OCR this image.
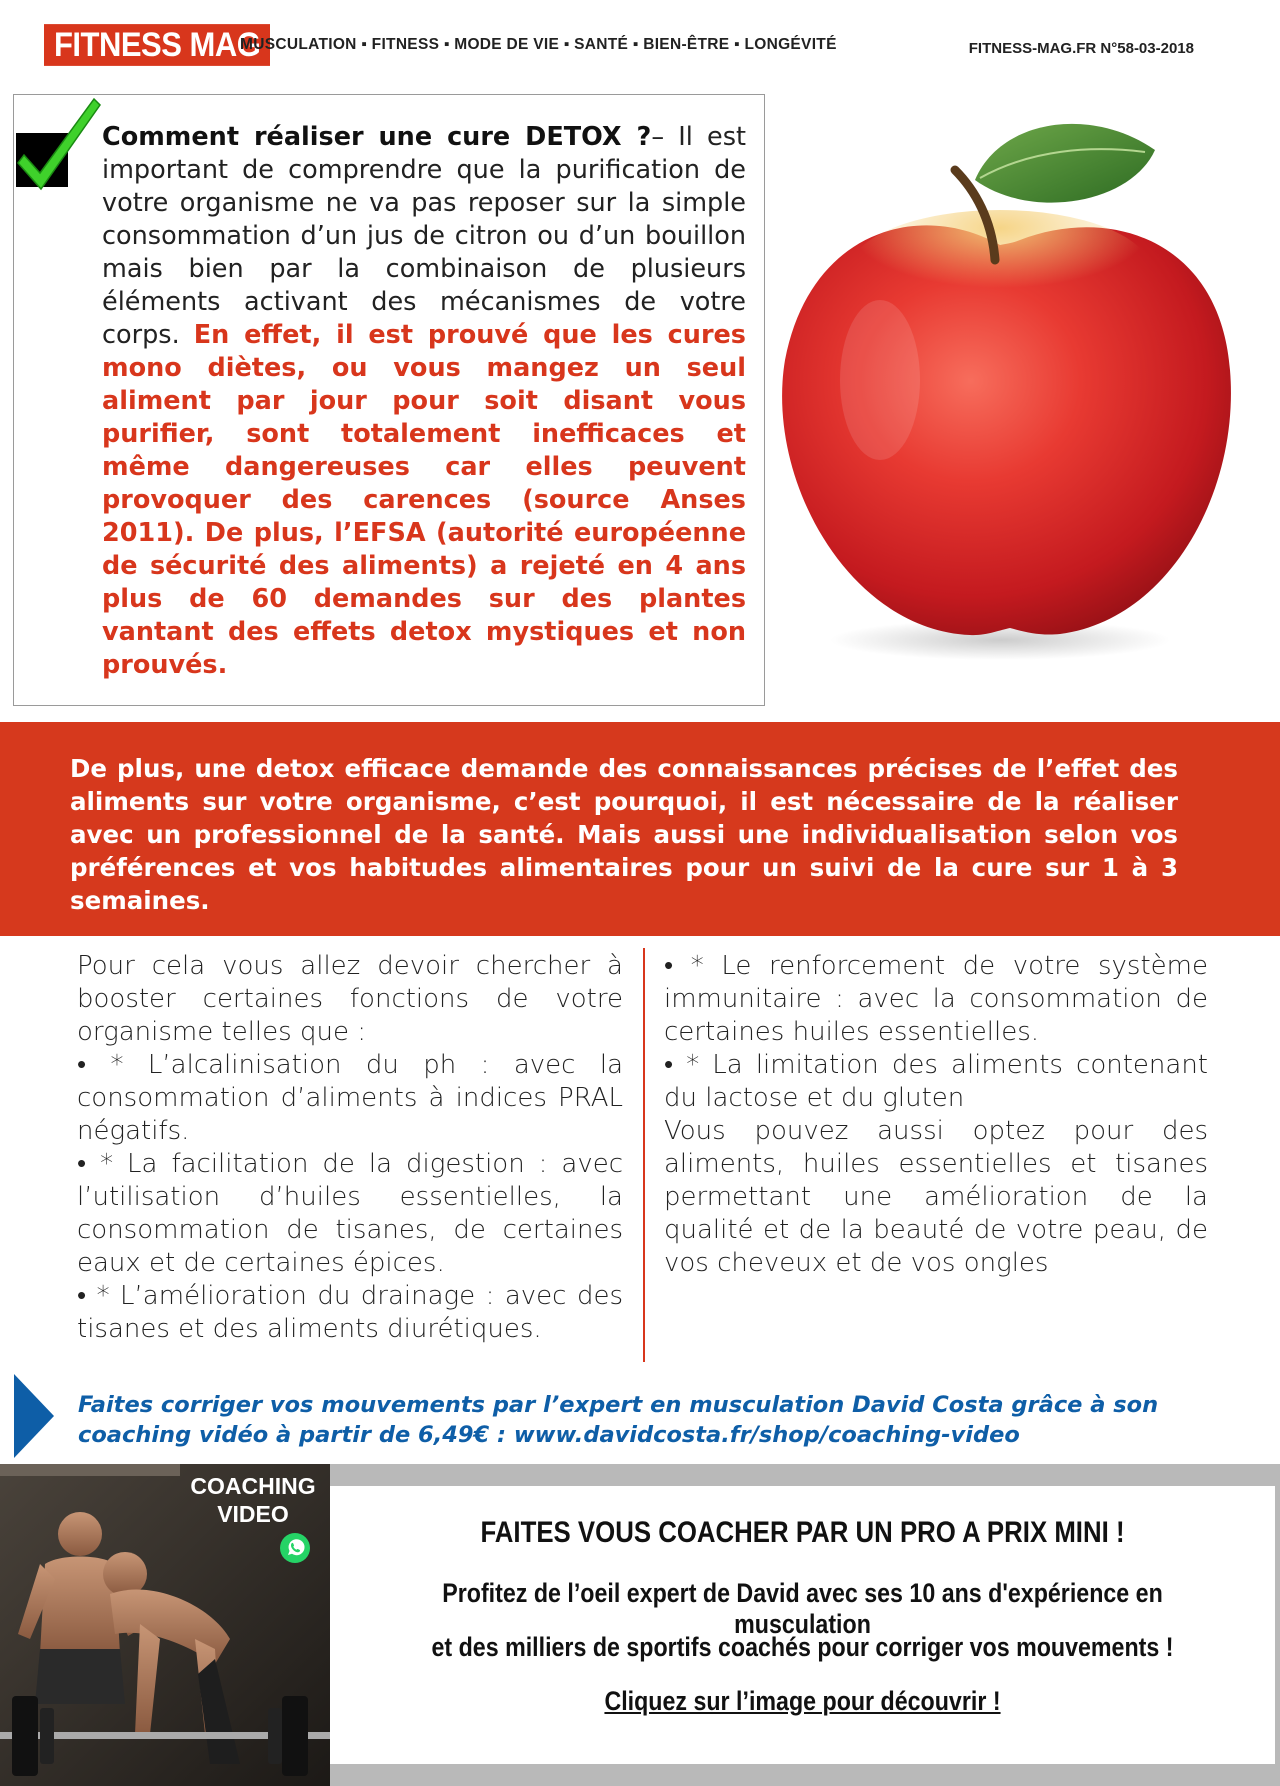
FITNESS MAG
MUSCULATION ▪ FITNESS ▪ MODE DE VIE ▪ SANTÉ ▪ BIEN-ÊTRE ▪ LONGÉVITÉ	FITNESS-MAG.FR N°58-03-2018
Comment réaliser une cure DETOX ?– Il est important de comprendre que la purification de votre organisme ne va pas reposer sur la simple consommation d’un jus de citron ou d’un bouillon mais bien par la combinaison de plusieurs éléments activant des mécanismes de votre corps. En effet, il est prouvé que les cures mono diètes, ou vous mangez un seul aliment par jour pour soit disant vous purifier, sont totalement inefficaces et même dangereuses car elles peuvent provoquer des carences (source Anses 2011). De plus, l’EFSA (autorité européenne de sécurité des aliments) a rejeté en 4 ans plus de 60 demandes sur des plantes vantant des effets detox mystiques et non prouvés.
De plus, une detox efficace demande des connaissances précises de l’effet des aliments sur votre organisme, c’est pourquoi, il est nécessaire de la réaliser avec un professionnel de la santé. Mais aussi une individualisation selon vos préférences et vos habitudes alimentaires pour un suivi de la cure sur 1 à 3 semaines.

Pour cela vous allez devoir chercher à booster certaines fonctions de votre organisme telles que :

• * L’alcalinisation du ph : avec la consommation d’aliments à indices PRAL négatifs.

• * La facilitation de la digestion : avec l’utilisation d’huiles essentielles, la consommation de tisanes, de certaines eaux et de certaines épices.

• * L’amélioration du drainage : avec des tisanes et des aliments diurétiques.

• * Le renforcement de votre système immunitaire : avec la consommation de certaines huiles essentielles.

• * La limitation des aliments contenant du lactose et du gluten

Vous pouvez aussi optez pour des aliments, huiles essentielles et tisanes permettant une amélioration de la qualité et de la beauté de votre peau, de vos cheveux et de vos ongles

Faites corriger vos mouvements par l’expert en musculation David Costa grâce à son coaching vidéo à partir de 6,49€ : www.davidcosta.fr/shop/coaching-video
COACHING
VIDEO
FAITES VOUS COACHER PAR UN PRO A PRIX MINI !
Profitez de l’oeil expert de David avec ses 10 ans d'expérience en musculation
et des milliers de sportifs coachés pour corriger vos mouvements !
Cliquez sur l’image pour découvrir !
